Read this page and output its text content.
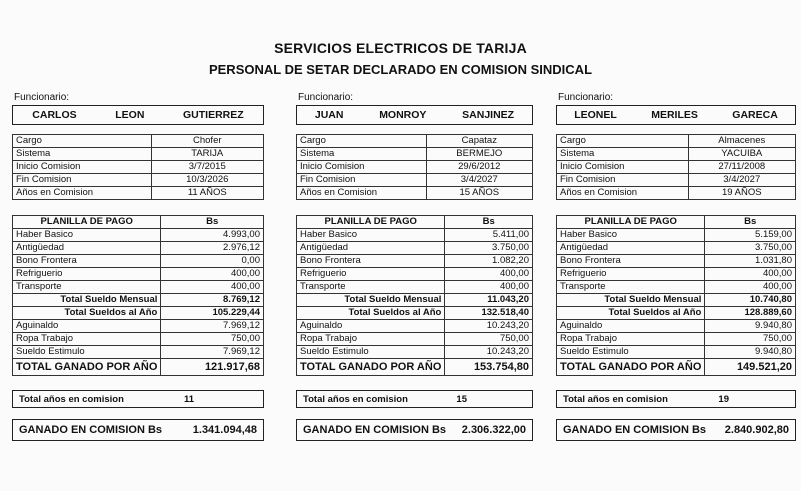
SERVICIOS ELECTRICOS DE TARIJA
PERSONAL DE SETAR DECLARADO EN COMISION SINDICAL
Funcionario:
CARLOS	LEON	GUTIERREZ
Cargo	Chofer
Sistema	TARIJA
Inicio Comision	3/7/2015
Fin Comision	10/3/2026
Años en Comision	11 AÑOS
PLANILLA DE PAGO	Bs
Haber Basico	4.993,00
Antigüedad	2.976,12
Bono Frontera	0,00
Refriguerio	400,00
Transporte	400,00
Total Sueldo Mensual	8.769,12
Total Sueldos al Año	105.229,44
Aguinaldo	7.969,12
Ropa Trabajo	750,00
Sueldo Estimulo	7.969,12
TOTAL GANADO POR AÑO	121.917,68
Total años en comision	11
GANADO EN COMISION Bs	1.341.094,48
Funcionario:
JUAN	MONROY	SANJINEZ
Cargo	Capataz
Sistema	BERMEJO
Inicio Comision	29/6/2012
Fin Comision	3/4/2027
Años en Comision	15 AÑOS
PLANILLA DE PAGO	Bs
Haber Basico	5.411,00
Antigüedad	3.750,00
Bono Frontera	1.082,20
Refriguerio	400,00
Transporte	400,00
Total Sueldo Mensual	11.043,20
Total Sueldos al Año	132.518,40
Aguinaldo	10.243,20
Ropa Trabajo	750,00
Sueldo Estimulo	10.243,20
TOTAL GANADO POR AÑO	153.754,80
Total años en comision	15
GANADO EN COMISION Bs 2.306.322,00
Funcionario:
LEONEL	MERILES	GARECA
Cargo	Almacenes
Sistema	YACUIBA
Inicio Comision	27/11/2008
Fin Comision	3/4/2027
Años en Comision	19 AÑOS
PLANILLA DE PAGO	Bs
Haber Basico	5.159,00
Antigüedad	3.750,00
Bono Frontera	1.031,80
Refriguerio	400,00
Transporte	400,00
Total Sueldo Mensual	10.740,80
Total Sueldos al Año	128.889,60
Aguinaldo	9.940,80
Ropa Trabajo	750,00
Sueldo Estimulo	9.940,80
TOTAL GANADO POR AÑO	149.521,20
Total años en comision	19
GANADO EN COMISION Bs 2.840.902,80
